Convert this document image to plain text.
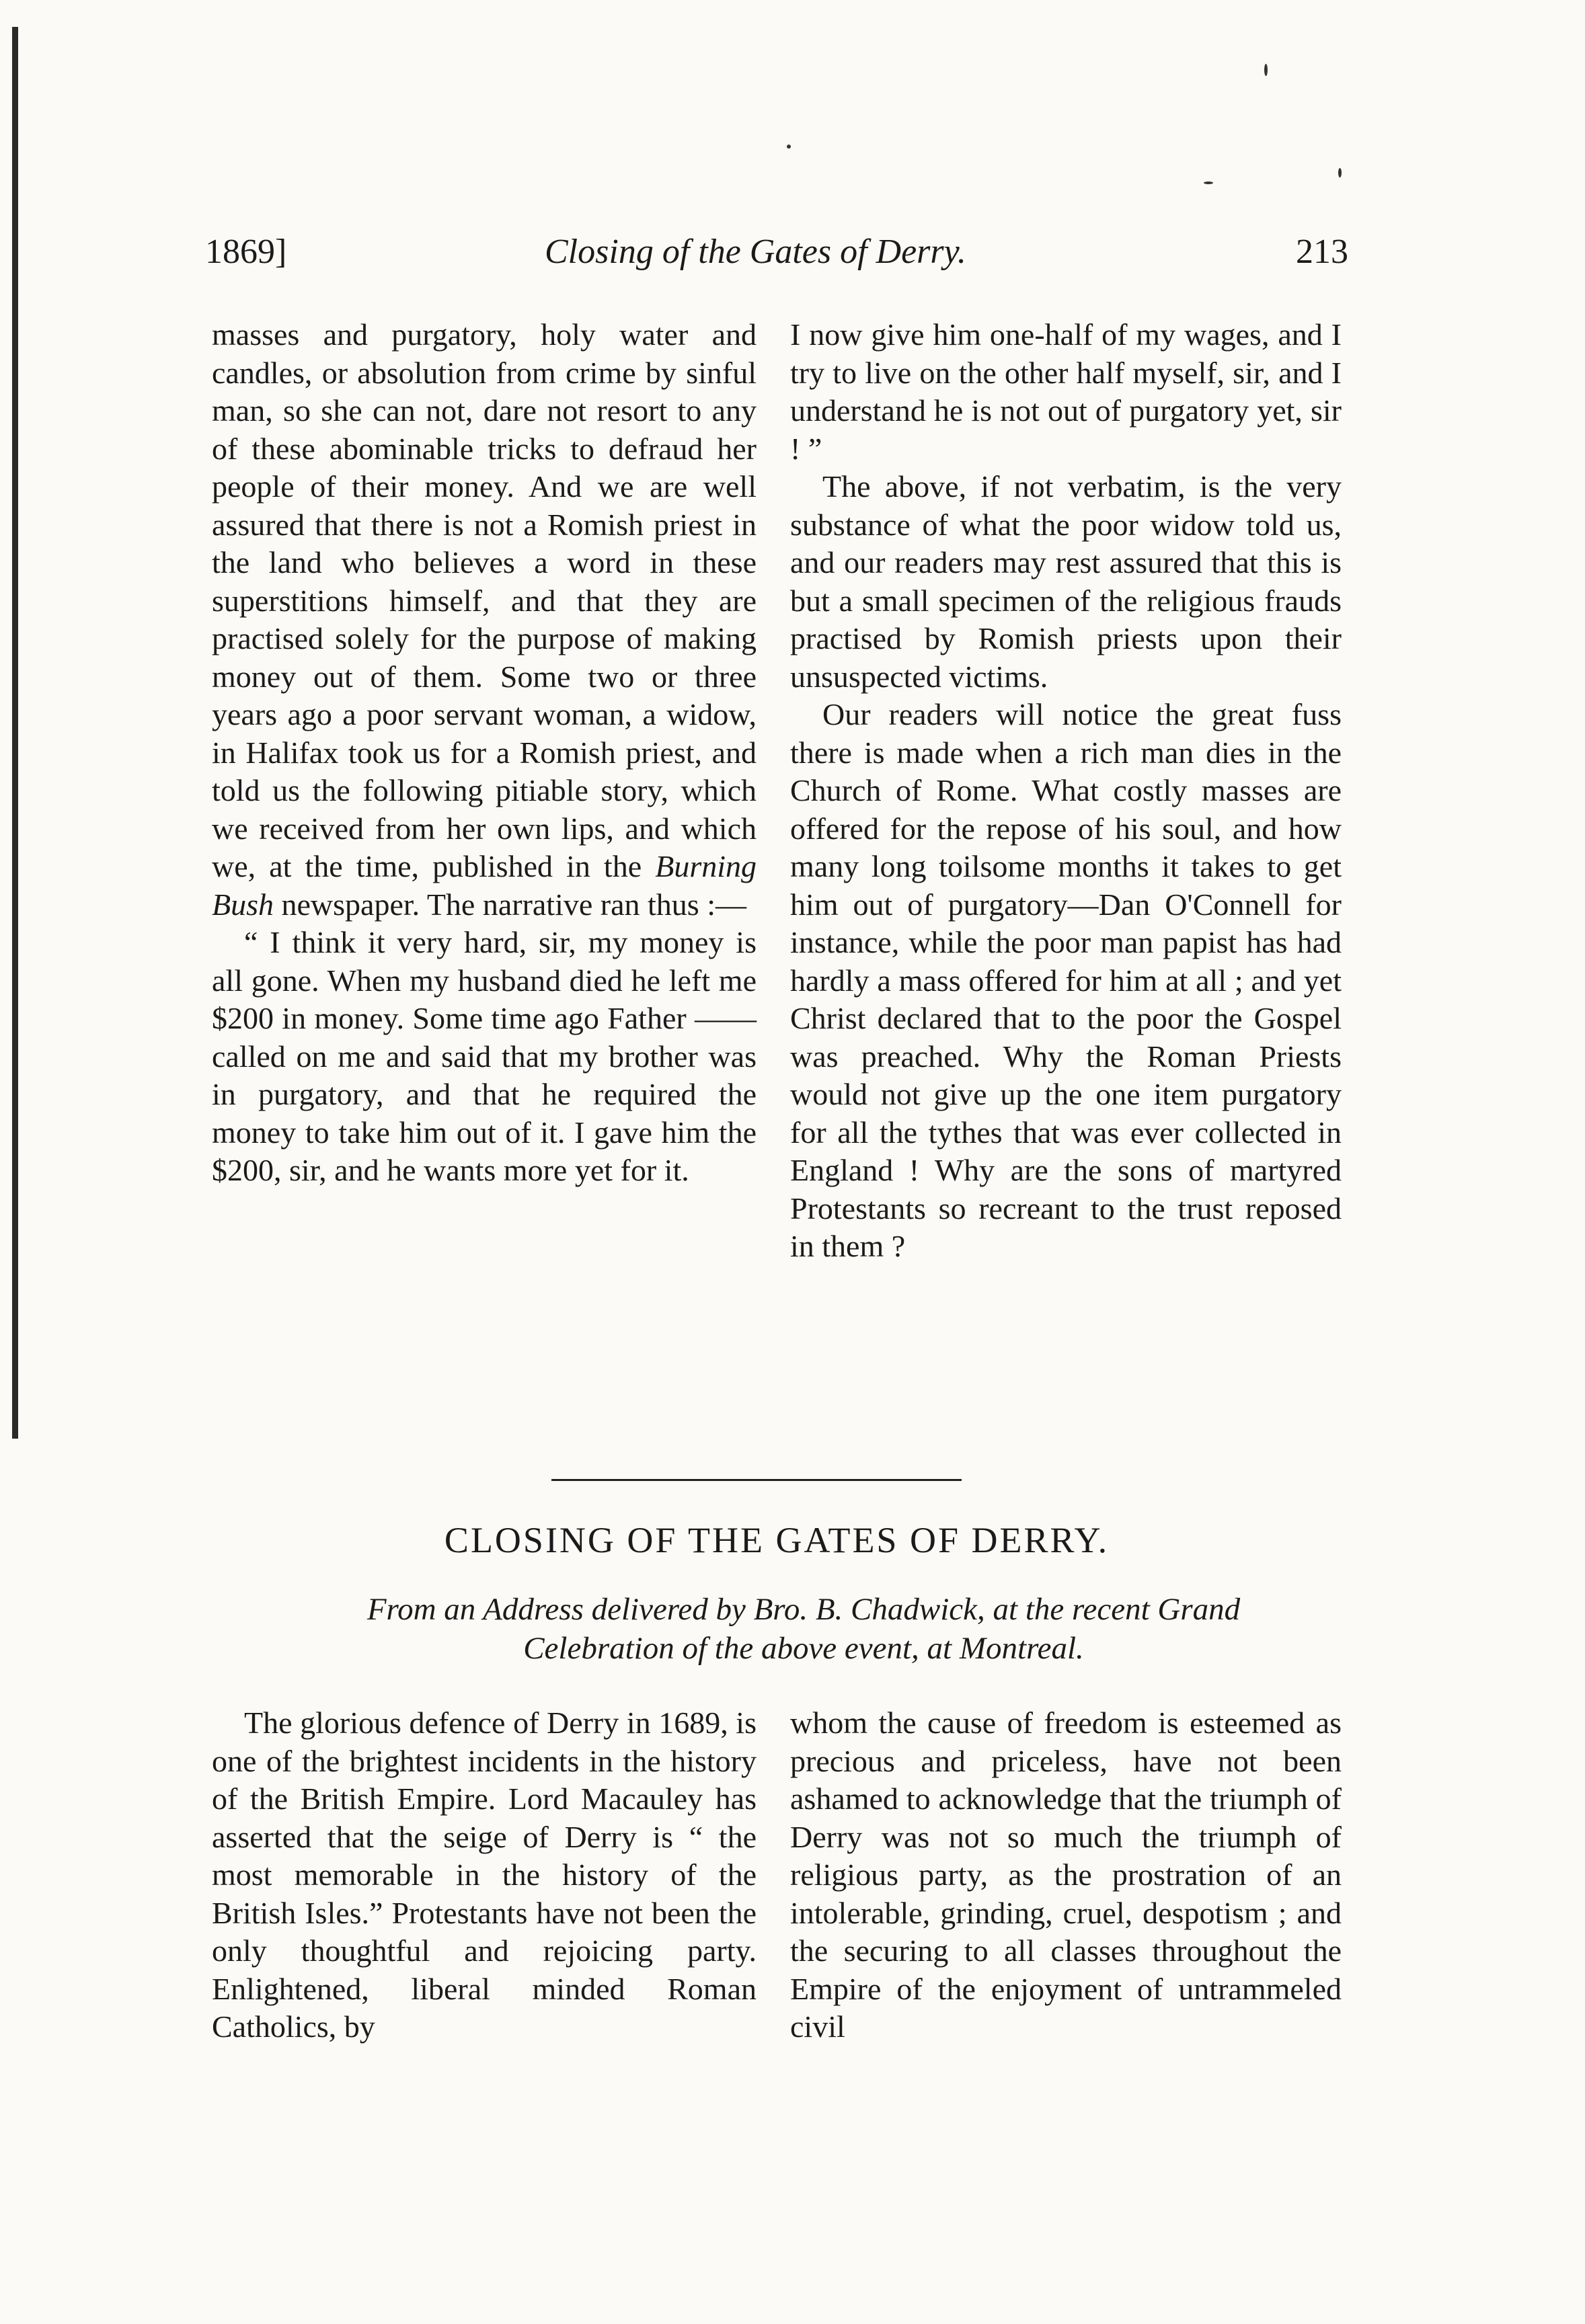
1869]	Closing of the Gates of Derry.	213

masses and purgatory, holy water and candles, or absolution from crime by sinful man, so she can not, dare not resort to any of these abominable tricks to defraud her people of their money. And we are well assured that there is not a Romish priest in the land who believes a word in these superstitions himself, and that they are practised solely for the purpose of making money out of them. Some two or three years ago a poor servant woman, a widow, in Halifax took us for a Romish priest, and told us the following pitiable story, which we received from her own lips, and which we, at the time, published in the Burning Bush newspaper. The narrative ran thus :—

“ I think it very hard, sir, my money is all gone. When my husband died he left me $200 in money. Some time ago Father —— called on me and said that my brother was in purgatory, and that he required the money to take him out of it. I gave him the $200, sir, and he wants more yet for it.

I now give him one-half of my wages, and I try to live on the other half myself, sir, and I understand he is not out of purgatory yet, sir ! ”

The above, if not verbatim, is the very substance of what the poor widow told us, and our readers may rest assured that this is but a small specimen of the religious frauds practised by Romish priests upon their unsuspected victims.

Our readers will notice the great fuss there is made when a rich man dies in the Church of Rome. What costly masses are offered for the repose of his soul, and how many long toilsome months it takes to get him out of purgatory—Dan O'Connell for instance, while the poor man papist has had hardly a mass offered for him at all ; and yet Christ declared that to the poor the Gospel was preached. Why the Roman Priests would not give up the one item purgatory for all the tythes that was ever collected in England ! Why are the sons of martyred Protestants so recreant to the trust reposed in them ?

CLOSING OF THE GATES OF DERRY.
From an Address delivered by Bro. B. Chadwick, at the recent Grand
Celebration of the above event, at Montreal.

The glorious defence of Derry in 1689, is one of the brightest incidents in the history of the British Empire. Lord Macauley has asserted that the seige of Derry is “ the most memorable in the history of the British Isles.” Protestants have not been the only thoughtful and rejoicing party. Enlightened, liberal minded Roman Catholics, by

whom the cause of freedom is esteemed as precious and priceless, have not been ashamed to acknowledge that the triumph of Derry was not so much the triumph of religious party, as the prostration of an intolerable, grinding, cruel, despotism ; and the securing to all classes throughout the Empire of the enjoyment of untrammeled civil
